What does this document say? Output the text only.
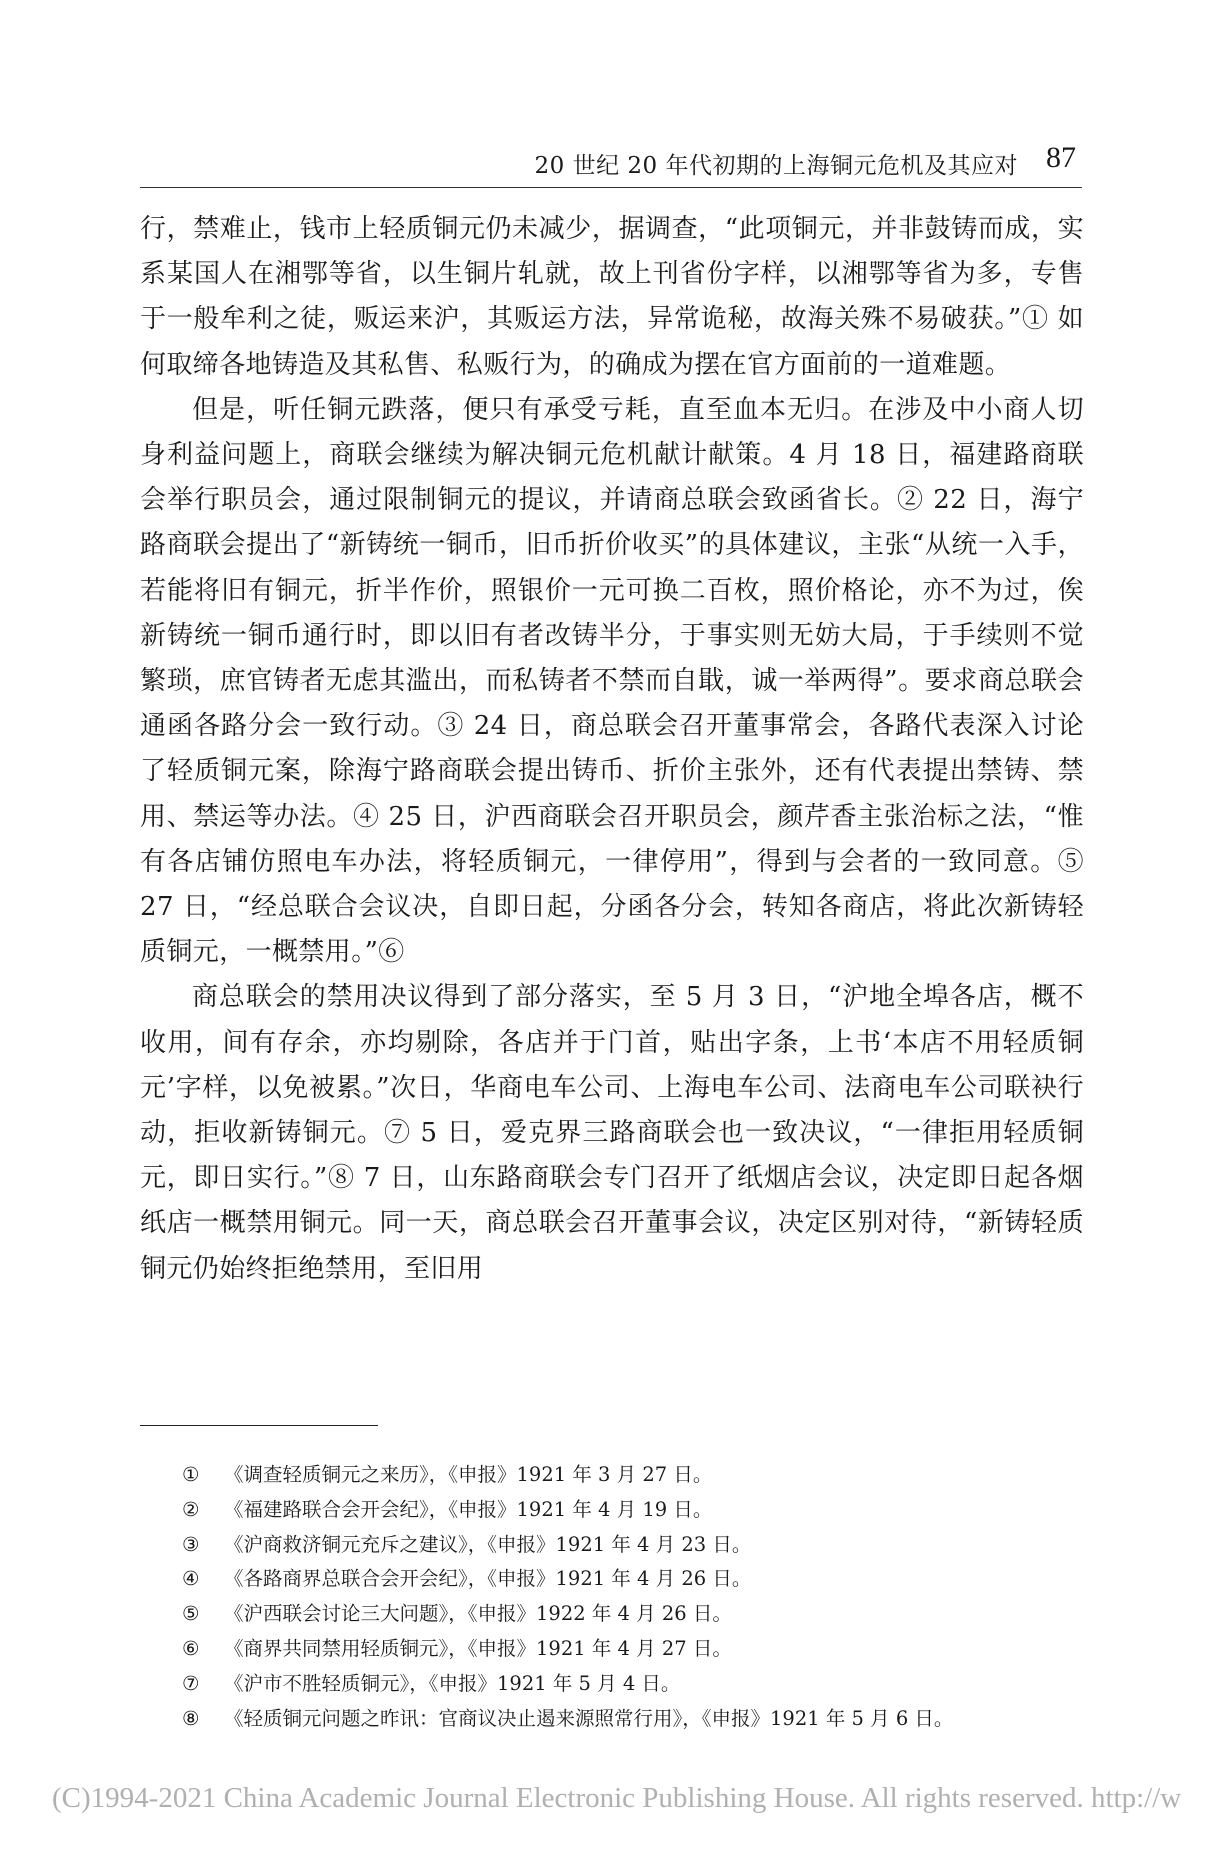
20 世纪 20 年代初期的上海铜元危机及其应对 87

行，禁难止，钱市上轻质铜元仍未减少，据调查，“此项铜元，并非鼓铸而成，实系某国人在湘鄂等省，以生铜片轧就，故上刊省份字样，以湘鄂等省为多，专售于一般牟利之徒，贩运来沪，其贩运方法，异常诡秘，故海关殊不易破获。”① 如何取缔各地铸造及其私售、私贩行为，的确成为摆在官方面前的一道难题。

但是，听任铜元跌落，便只有承受亏耗，直至血本无归。在涉及中小商人切身利益问题上，商联会继续为解决铜元危机献计献策。4 月 18 日，福建路商联会举行职员会，通过限制铜元的提议，并请商总联会致函省长。② 22 日，海宁路商联会提出了“新铸统一铜币，旧币折价收买”的具体建议，主张“从统一入手，若能将旧有铜元，折半作价，照银价一元可换二百枚，照价格论，亦不为过，俟新铸统一铜币通行时，即以旧有者改铸半分，于事实则无妨大局，于手续则不觉繁琐，庶官铸者无虑其滥出，而私铸者不禁而自戢，诚一举两得”。要求商总联会通函各路分会一致行动。③ 24 日，商总联会召开董事常会，各路代表深入讨论了轻质铜元案，除海宁路商联会提出铸币、折价主张外，还有代表提出禁铸、禁用、禁运等办法。④ 25 日，沪西商联会召开职员会，颜芹香主张治标之法，“惟有各店铺仿照电车办法，将轻质铜元，一律停用”，得到与会者的一致同意。⑤ 27 日，“经总联合会议决，自即日起，分函各分会，转知各商店，将此次新铸轻质铜元，一概禁用。”⑥

商总联会的禁用决议得到了部分落实，至 5 月 3 日，“沪地全埠各店，概不收用，间有存余，亦均剔除，各店并于门首，贴出字条，上书‘本店不用轻质铜元’字样，以免被累。”次日，华商电车公司、上海电车公司、法商电车公司联袂行动，拒收新铸铜元。⑦ 5 日，爱克界三路商联会也一致决议，“一律拒用轻质铜元，即日实行。”⑧ 7 日，山东路商联会专门召开了纸烟店会议，决定即日起各烟纸店一概禁用铜元。同一天，商总联会召开董事会议，决定区别对待，“新铸轻质铜元仍始终拒绝禁用，至旧用

①	《调查轻质铜元之来历》，《申报》1921 年 3 月 27 日。
②	《福建路联合会开会纪》，《申报》1921 年 4 月 19 日。
③	《沪商救济铜元充斥之建议》，《申报》1921 年 4 月 23 日。
④	《各路商界总联合会开会纪》，《申报》1921 年 4 月 26 日。
⑤	《沪西联会讨论三大问题》，《申报》1922 年 4 月 26 日。
⑥	《商界共同禁用轻质铜元》，《申报》1921 年 4 月 27 日。
⑦	《沪市不胜轻质铜元》，《申报》1921 年 5 月 4 日。
⑧	《轻质铜元问题之昨讯：官商议决止遏来源照常行用》，《申报》1921 年 5 月 6 日。
(C)1994-2021 China Academic Journal Electronic Publishing House. All rights reserved. http://w
